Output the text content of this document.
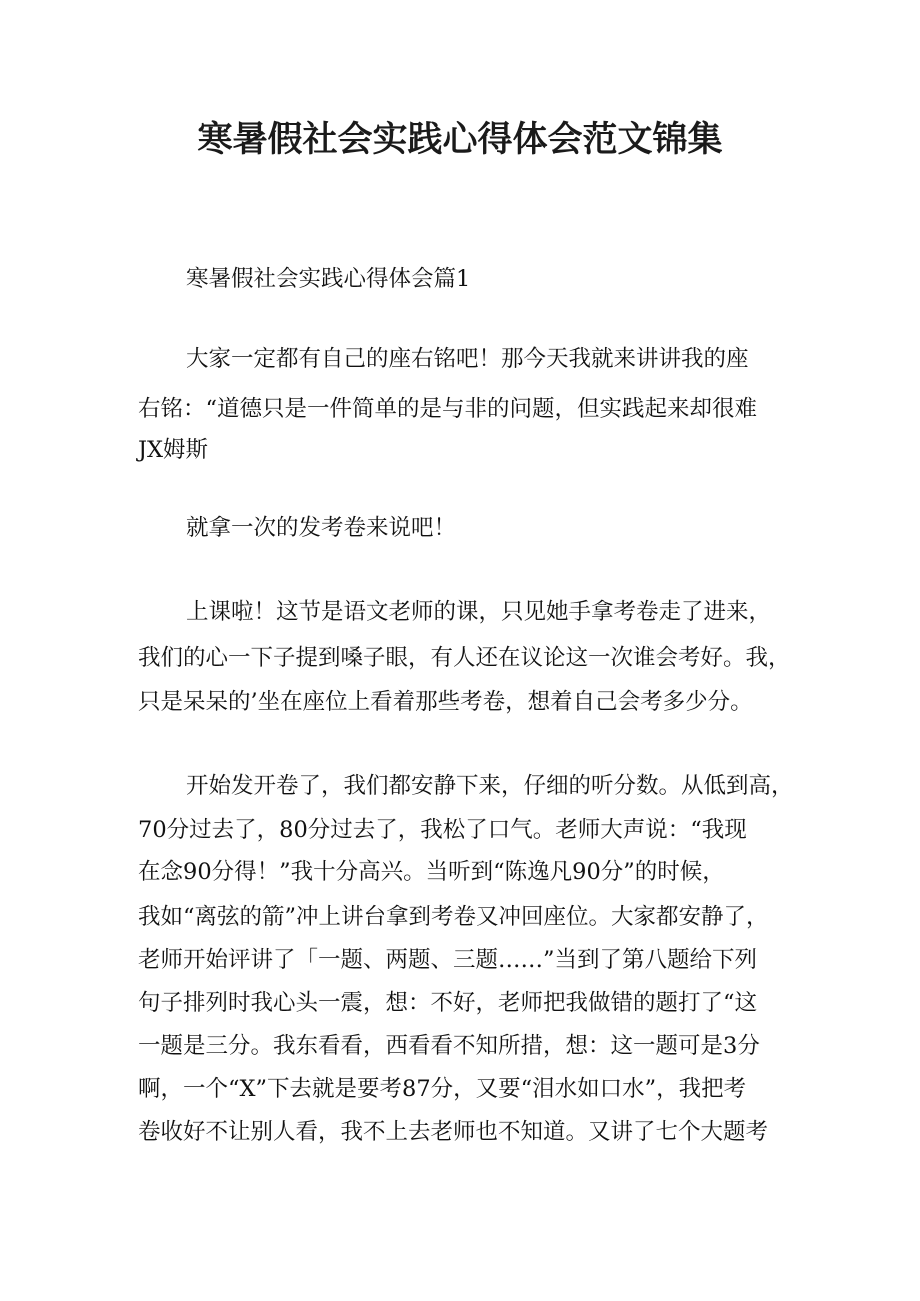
寒暑假社会实践心得体会范文锦集
寒暑假社会实践心得体会篇1
大家一定都有自己的座右铭吧！那今天我就来讲讲我的座
右铭：“道德只是一件简单的是与非的问题，但实践起来却很难
JX姆斯
就拿一次的发考卷来说吧！
上课啦！这节是语文老师的课，只见她手拿考卷走了进来，
我们的心一下子提到嗓子眼，有人还在议论这一次谁会考好。我，
只是呆呆的’坐在座位上看着那些考卷，想着自己会考多少分。
开始发开卷了，我们都安静下来，仔细的听分数。从低到高，
70分过去了，80分过去了，我松了口气。老师大声说：“我现
在念90分得！”我十分高兴。当听到“陈逸凡90分”的时候，
我如“离弦的箭”冲上讲台拿到考卷又冲回座位。大家都安静了，
老师开始评讲了「一题、两题、三题……”当到了第八题给下列
句子排列时我心头一震，想：不好，老师把我做错的题打了“这
一题是三分。我东看看，西看看不知所措，想：这一题可是3分
啊，一个“X”下去就是要考87分，又要“泪水如口水”，我把考
卷收好不让别人看，我不上去老师也不知道。又讲了七个大题考
